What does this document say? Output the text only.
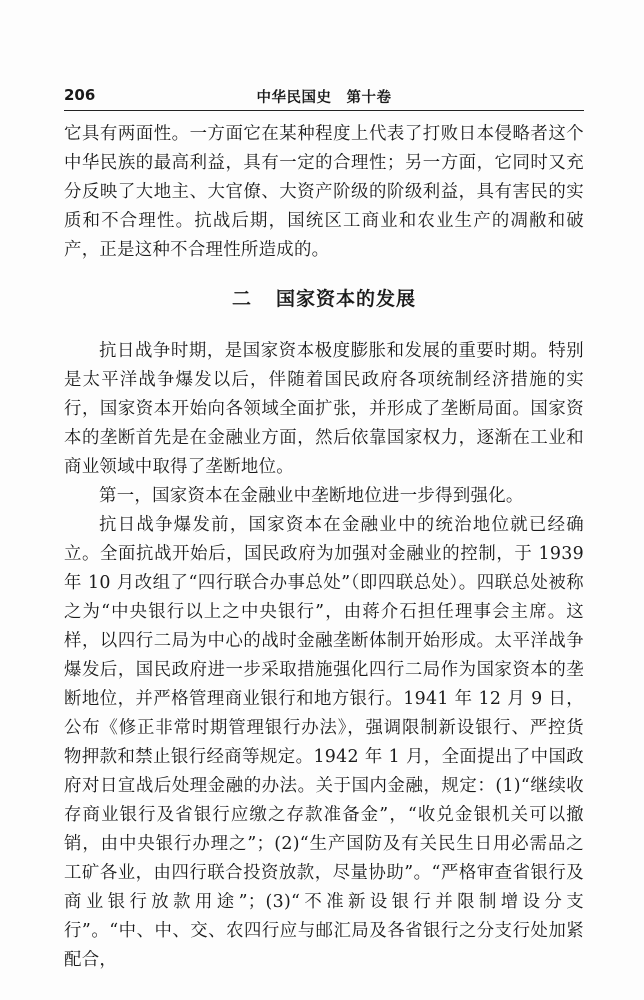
206	中华民国史　第十卷

它具有两面性。一方面它在某种程度上代表了打败日本侵略者这个中华民族的最高利益，具有一定的合理性；另一方面，它同时又充分反映了大地主、大官僚、大资产阶级的阶级利益，具有害民的实质和不合理性。抗战后期，国统区工商业和农业生产的凋敝和破产，正是这种不合理性所造成的。

二 国家资本的发展

抗日战争时期，是国家资本极度膨胀和发展的重要时期。特别是太平洋战争爆发以后，伴随着国民政府各项统制经济措施的实行，国家资本开始向各领域全面扩张，并形成了垄断局面。国家资本的垄断首先是在金融业方面，然后依靠国家权力，逐渐在工业和商业领域中取得了垄断地位。

第一，国家资本在金融业中垄断地位进一步得到强化。

抗日战争爆发前，国家资本在金融业中的统治地位就已经确立。全面抗战开始后，国民政府为加强对金融业的控制，于 1939 年 10 月改组了“四行联合办事总处”（即四联总处）。四联总处被称之为“中央银行以上之中央银行”，由蒋介石担任理事会主席。这样，以四行二局为中心的战时金融垄断体制开始形成。太平洋战争爆发后，国民政府进一步采取措施强化四行二局作为国家资本的垄断地位，并严格管理商业银行和地方银行。1941 年 12 月 9 日，公布《修正非常时期管理银行办法》，强调限制新设银行、严控货物押款和禁止银行经商等规定。1942 年 1 月，全面提出了中国政府对日宣战后处理金融的办法。关于国内金融，规定：(1)“继续收存商业银行及省银行应缴之存款准备金”，“收兑金银机关可以撤销，由中央银行办理之”；(2)“生产国防及有关民生日用必需品之工矿各业，由四行联合投资放款，尽量协助”。“严格审查省银行及商业银行放款用途”；(3)“不准新设银行并限制增设分支行”。“中、中、交、农四行应与邮汇局及各省银行之分支行处加紧配合，
